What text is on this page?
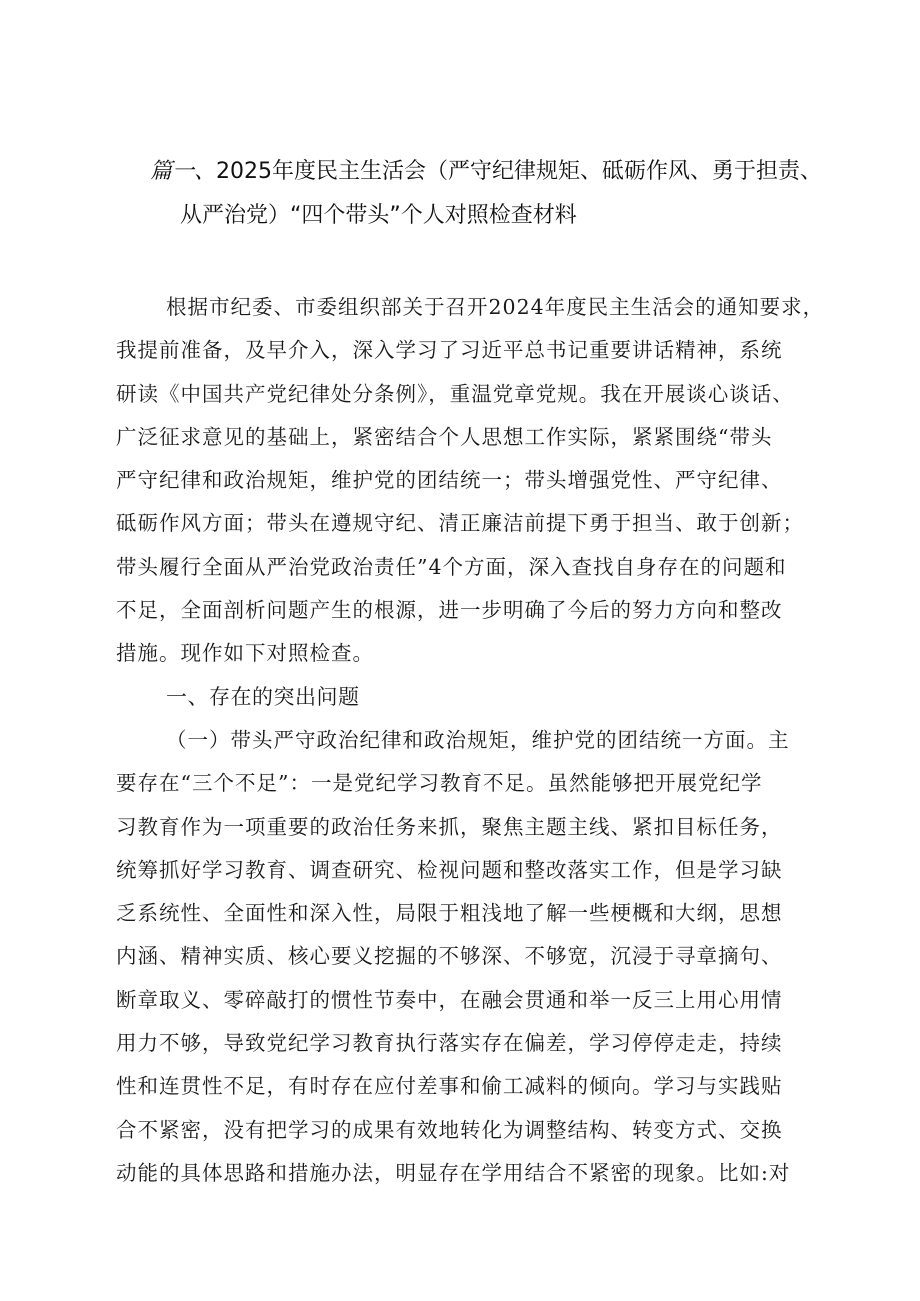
篇一、2025年度民主生活会（严守纪律规矩、砥砺作风、勇于担责、
从严治党）“四个带头”个人对照检查材料
根据市纪委、市委组织部关于召开2024年度民主生活会的通知要求，
我提前准备，及早介入，深入学习了习近平总书记重要讲话精神，系统
研读《中国共产党纪律处分条例》，重温党章党规。我在开展谈心谈话、
广泛征求意见的基础上，紧密结合个人思想工作实际，紧紧围绕“带头
严守纪律和政治规矩，维护党的团结统一；带头增强党性、严守纪律、
砥砺作风方面；带头在遵规守纪、清正廉洁前提下勇于担当、敢于创新；
带头履行全面从严治党政治责任”4个方面，深入查找自身存在的问题和
不足，全面剖析问题产生的根源，进一步明确了今后的努力方向和整改
措施。现作如下对照检查。
一、存在的突出问题
（一）带头严守政治纪律和政治规矩，维护党的团结统一方面。主
要存在“三个不足”：一是党纪学习教育不足。虽然能够把开展党纪学
习教育作为一项重要的政治任务来抓，聚焦主题主线、紧扣目标任务，
统筹抓好学习教育、调查研究、检视问题和整改落实工作，但是学习缺
乏系统性、全面性和深入性，局限于粗浅地了解一些梗概和大纲，思想
内涵、精神实质、核心要义挖掘的不够深、不够宽，沉浸于寻章摘句、
断章取义、零碎敲打的惯性节奏中，在融会贯通和举一反三上用心用情
用力不够，导致党纪学习教育执行落实存在偏差，学习停停走走，持续
性和连贯性不足，有时存在应付差事和偷工减料的倾向。学习与实践贴
合不紧密，没有把学习的成果有效地转化为调整结构、转变方式、交换
动能的具体思路和措施办法，明显存在学用结合不紧密的现象。比如:对
